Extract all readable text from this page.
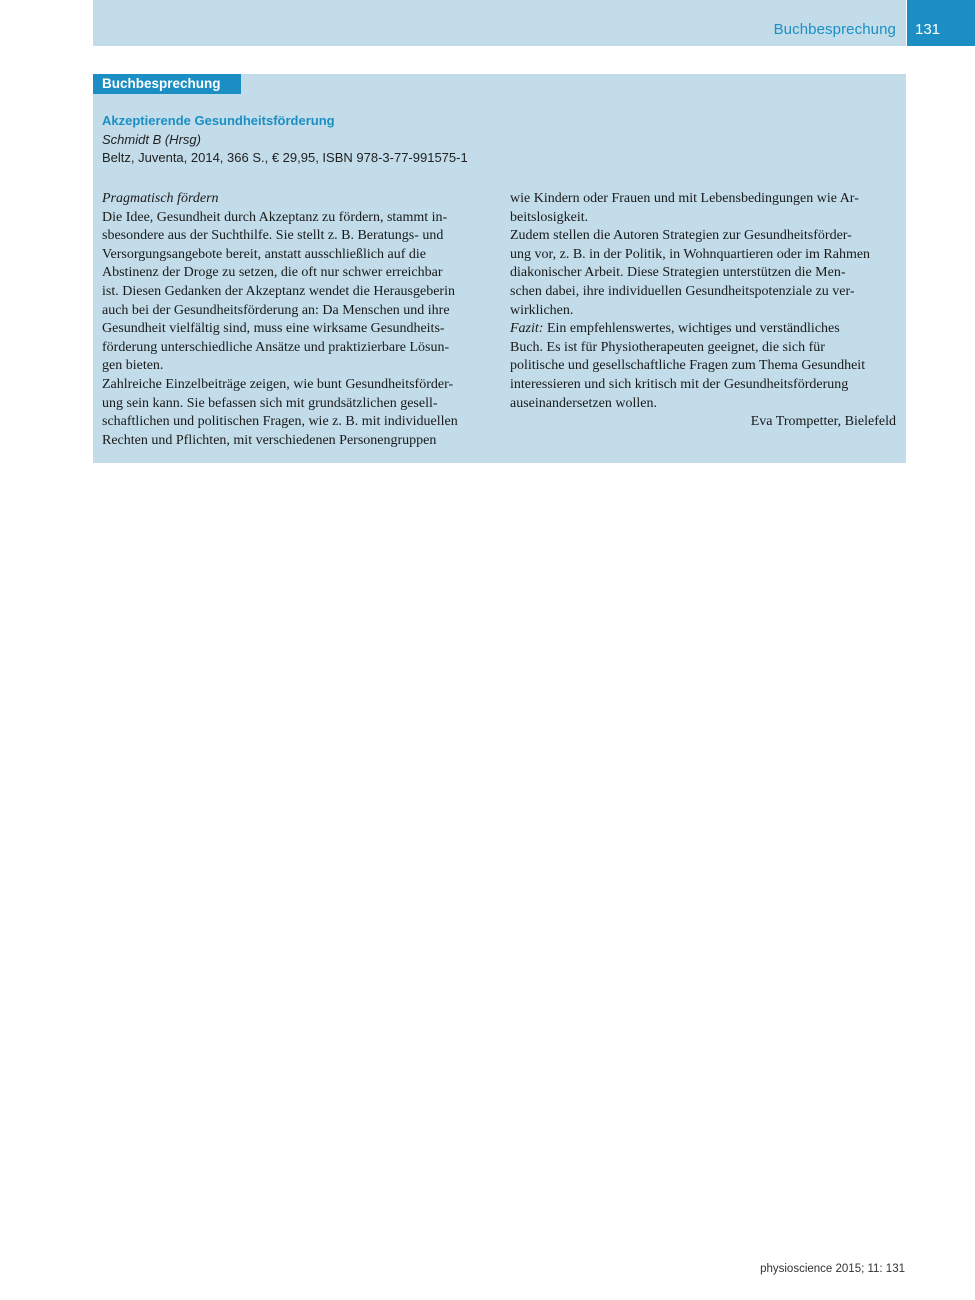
Buchbesprechung 131
Buchbesprechung
Akzeptierende Gesundheitsförderung
Schmidt B (Hrsg)
Beltz, Juventa, 2014, 366 S., € 29,95, ISBN 978-3-77-991575-1

Pragmatisch fördern

Die Idee, Gesundheit durch Akzeptanz zu fördern, stammt in-

sbesondere aus der Suchthilfe. Sie stellt z. B. Beratungs- und

Versorgungsangebote bereit, anstatt ausschließlich auf die

Abstinenz der Droge zu setzen, die oft nur schwer erreichbar

ist. Diesen Gedanken der Akzeptanz wendet die Herausgeberin

auch bei der Gesundheitsförderung an: Da Menschen und ihre

Gesundheit vielfältig sind, muss eine wirksame Gesundheits-

förderung unterschiedliche Ansätze und praktizierbare Lösun-

gen bieten.

Zahlreiche Einzelbeiträge zeigen, wie bunt Gesundheitsförder-

ung sein kann. Sie befassen sich mit grundsätzlichen gesell-

schaftlichen und politischen Fragen, wie z. B. mit individuellen

Rechten und Pflichten, mit verschiedenen Personengruppen

wie Kindern oder Frauen und mit Lebensbedingungen wie Ar-

beitslosigkeit.

Zudem stellen die Autoren Strategien zur Gesundheitsförder-

ung vor, z. B. in der Politik, in Wohnquartieren oder im Rahmen

diakonischer Arbeit. Diese Strategien unterstützen die Men-

schen dabei, ihre individuellen Gesundheitspotenziale zu ver-

wirklichen.

Fazit: Ein empfehlenswertes, wichtiges und verständliches

Buch. Es ist für Physiotherapeuten geeignet, die sich für

politische und gesellschaftliche Fragen zum Thema Gesundheit

interessieren und sich kritisch mit der Gesundheitsförderung

auseinandersetzen wollen.

Eva Trompetter, Bielefeld

physioscience 2015; 11: 131
